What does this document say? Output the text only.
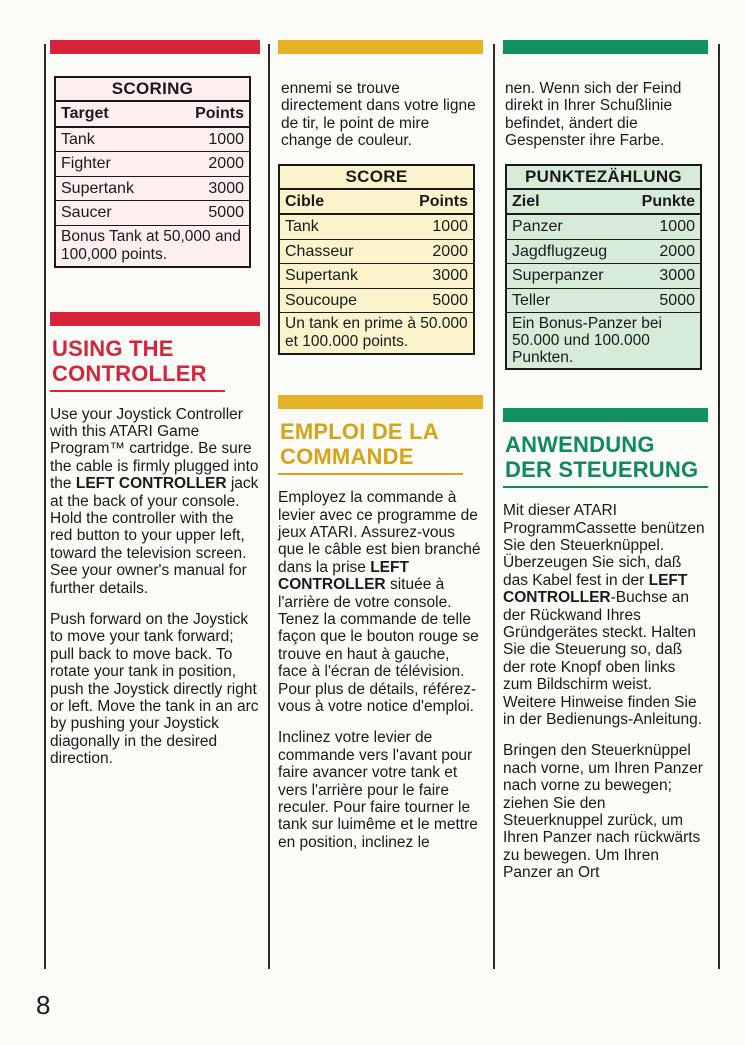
SCORING
Target	Points
Tank	1000
Fighter	2000
Supertank	3000
Saucer	5000
Bonus Tank at 50,000 and 100,000 points.
USING THE CONTROLLER
Use your Joystick Controller with this ATARI Game Program™ cartridge. Be sure the cable is firmly plugged into the LEFT CONTROLLER jack at the back of your console. Hold the controller with the red button to your upper left, toward the television screen. See your owner's manual for further details.
Push forward on the Joystick to move your tank forward; pull back to move back. To rotate your tank in position, push the Joystick directly right or left. Move the tank in an arc by pushing your Joystick diagonally in the desired direction.
ennemi se trouve directement dans votre ligne de tir, le point de mire change de couleur.
SCORE
Cible	Points
Tank	1000
Chasseur	2000
Supertank	3000
Soucoupe	5000
Un tank en prime à 50.000 et 100.000 points.
EMPLOI DE LA COMMANDE
Employez la commande à levier avec ce programme de jeux ATARI. Assurez-vous que le câble est bien branché dans la prise LEFT CONTROLLER située à l'arrière de votre console. Tenez la commande de telle façon que le bouton rouge se trouve en haut à gauche, face à l'écran de télévision. Pour plus de détails, référez-vous à votre notice d'emploi.
Inclinez votre levier de commande vers l'avant pour faire avancer votre tank et vers l'arrière pour le faire reculer. Pour faire tourner le tank sur luimême et le mettre en position, inclinez le
nen. Wenn sich der Feind direkt in Ihrer Schußlinie befindet, ändert die Gespenster ihre Farbe.
PUNKTEZÄHLUNG
Ziel	Punkte
Panzer	1000
Jagdflugzeug	2000
Superpanzer	3000
Teller	5000
Ein Bonus-Panzer bei 50.000 und 100.000 Punkten.
ANWENDUNG DER STEUERUNG
Mit dieser ATARI ProgrammCassette benützen Sie den Steuerknüppel. Überzeugen Sie sich, daß das Kabel fest in der LEFT CONTROLLER-Buchse an der Rückwand Ihres Gründgerätes steckt. Halten Sie die Steuerung so, daß der rote Knopf oben links zum Bildschirm weist. Weitere Hinweise finden Sie in der Bedienungs-Anleitung.
Bringen den Steuerknüppel nach vorne, um Ihren Panzer nach vorne zu bewegen; ziehen Sie den Steuerknuppel zurück, um Ihren Panzer nach rückwärts zu bewegen. Um Ihren Panzer an Ort
8
